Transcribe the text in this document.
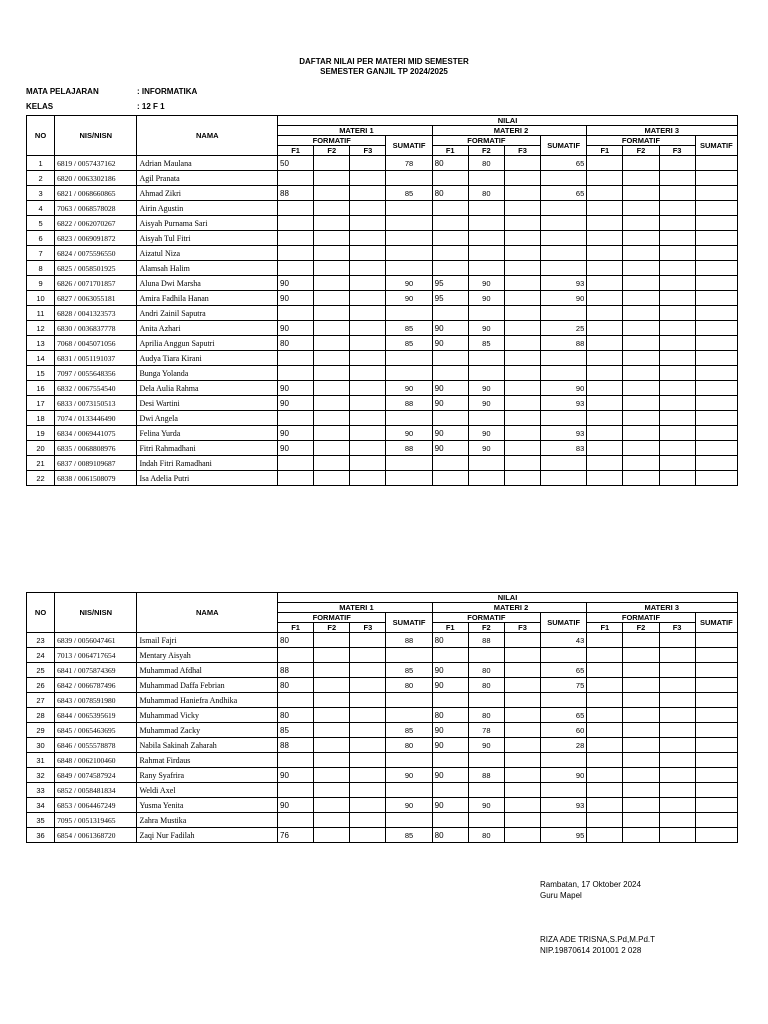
DAFTAR NILAI PER MATERI MID SEMESTER
SEMESTER GANJIL TP 2024/2025
MATA PELAJARAN	: INFORMATIKA
KELAS	: 12 F 1
NO	NIS/NISN	NAMA	NILAI											
			MATERI 1				MATERI 2				MATERI 3			
			FORMATIF			SUMATIF	FORMATIF			SUMATIF	FORMATIF			SUMATIF
			F1	F2	F3		F1	F2	F3		F1	F2	F3	
1	6819 / 0057437162	Adrian Maulana	50			78	80	80		65				
2	6820 / 0063302186	Agil Pranata												
3	6821 / 0068660865	Ahmad Zikri	88			85	80	80		65				
4	7063 / 0068578028	Airin Agustin												
5	6822 / 0062070267	Aisyah Purnama Sari												
6	6823 / 0069091872	Aisyah Tul Fitri												
7	6824 / 0075596550	Aizatul Niza												
8	6825 / 0058501925	Alamsah Halim												
9	6826 / 0071701857	Aluna Dwi Marsha	90			90	95	90		93				
10	6827 / 0063055181	Amira Fadhila Hanan	90			90	95	90		90				
11	6828 / 0041323573	Andri Zainil Saputra												
12	6830 / 0036837778	Anita Azhari	90			85	90	90		25				
13	7068 / 0045071056	Aprilia Anggun Saputri	80			85	90	85		88				
14	6831 / 0051191037	Audya Tiara Kirani												
15	7097 / 0055648356	Bunga Yolanda												
16	6832 / 0067554540	Dela Aulia Rahma	90			90	90	90		90				
17	6833 / 0073150513	Desi Wartini	90			88	90	90		93				
18	7074 / 0133446490	Dwi Angela												
19	6834 / 0069441075	Felina Yurda	90			90	90	90		93				
20	6835 / 0068808976	Fitri Rahmadhani	90			88	90	90		83				
21	6837 / 0089109687	Indah Fitri Ramadhani												
22	6838 / 0061508079	Isa Adelia Putri												
NO	NIS/NISN	NAMA	NILAI											
			MATERI 1				MATERI 2				MATERI 3			
			FORMATIF			SUMATIF	FORMATIF			SUMATIF	FORMATIF			SUMATIF
			F1	F2	F3		F1	F2	F3		F1	F2	F3	
23	6839 / 0056047461	Ismail Fajri	80			88	80	88		43				
24	7013 / 0064717654	Mentary Aisyah												
25	6841 / 0075874369	Muhammad Afdhal	88			85	90	80		65				
26	6842 / 0066787496	Muhammad Daffa Febrian	80			80	90	80		75				
27	6843 / 0078591980	Muhammad Haniefra Andhika												
28	6844 / 0065395619	Muhammad Vicky	80				80	80		65				
29	6845 / 0065463695	Muhammad Zacky	85			85	90	78		60				
30	6846 / 0055578878	Nabila Sakinah Zaharah	88			80	90	90		28				
31	6848 / 0062100460	Rahmat Firdaus												
32	6849 / 0074587924	Rany Syafrira	90			90	90	88		90				
33	6852 / 0058481834	Weldi Axel												
34	6853 / 0064467249	Yusma Yenita	90			90	90	90		93				
35	7095 / 0051319465	Zahra Mustika												
36	6854 / 0061368720	Zaqi Nur Fadilah	76			85	80	80		95				
Rambatan, 17 Oktober 2024
Guru Mapel
RIZA ADE TRISNA,S.Pd,M.Pd.T
NIP.19870614 201001 2 028
